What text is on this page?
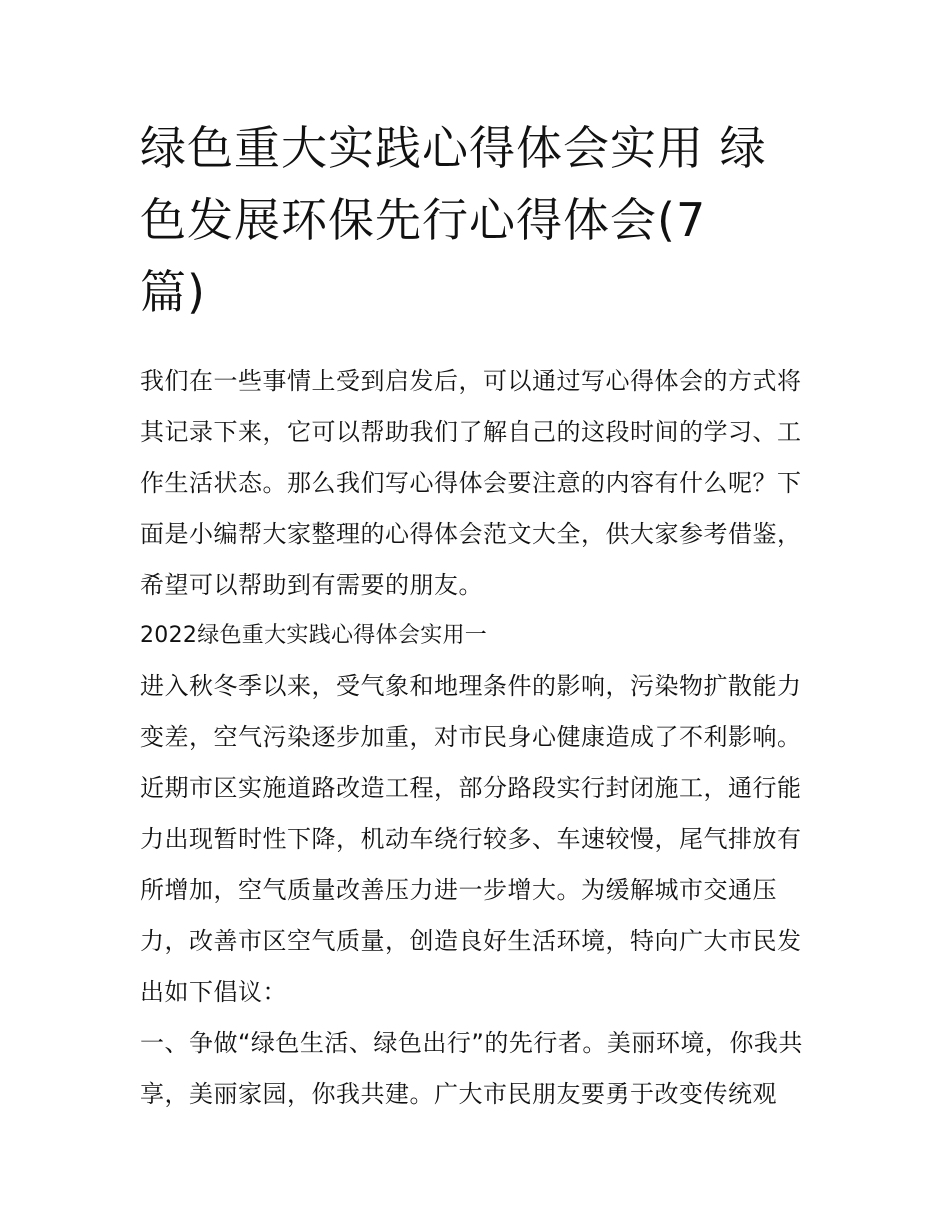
绿色重大实践心得体会实用 绿
色发展环保先行心得体会(7
篇)
我们在一些事情上受到启发后，可以通过写心得体会的方式将
其记录下来，它可以帮助我们了解自己的这段时间的学习、工
作生活状态。那么我们写心得体会要注意的内容有什么呢？下
面是小编帮大家整理的心得体会范文大全，供大家参考借鉴，
希望可以帮助到有需要的朋友。
2022绿色重大实践心得体会实用一
进入秋冬季以来，受气象和地理条件的影响，污染物扩散能力
变差，空气污染逐步加重，对市民身心健康造成了不利影响。
近期市区实施道路改造工程，部分路段实行封闭施工，通行能
力出现暂时性下降，机动车绕行较多、车速较慢，尾气排放有
所增加，空气质量改善压力进一步增大。为缓解城市交通压
力，改善市区空气质量，创造良好生活环境，特向广大市民发
出如下倡议：
一、争做“绿色生活、绿色出行”的先行者。美丽环境，你我共
享，美丽家园，你我共建。广大市民朋友要勇于改变传统观
